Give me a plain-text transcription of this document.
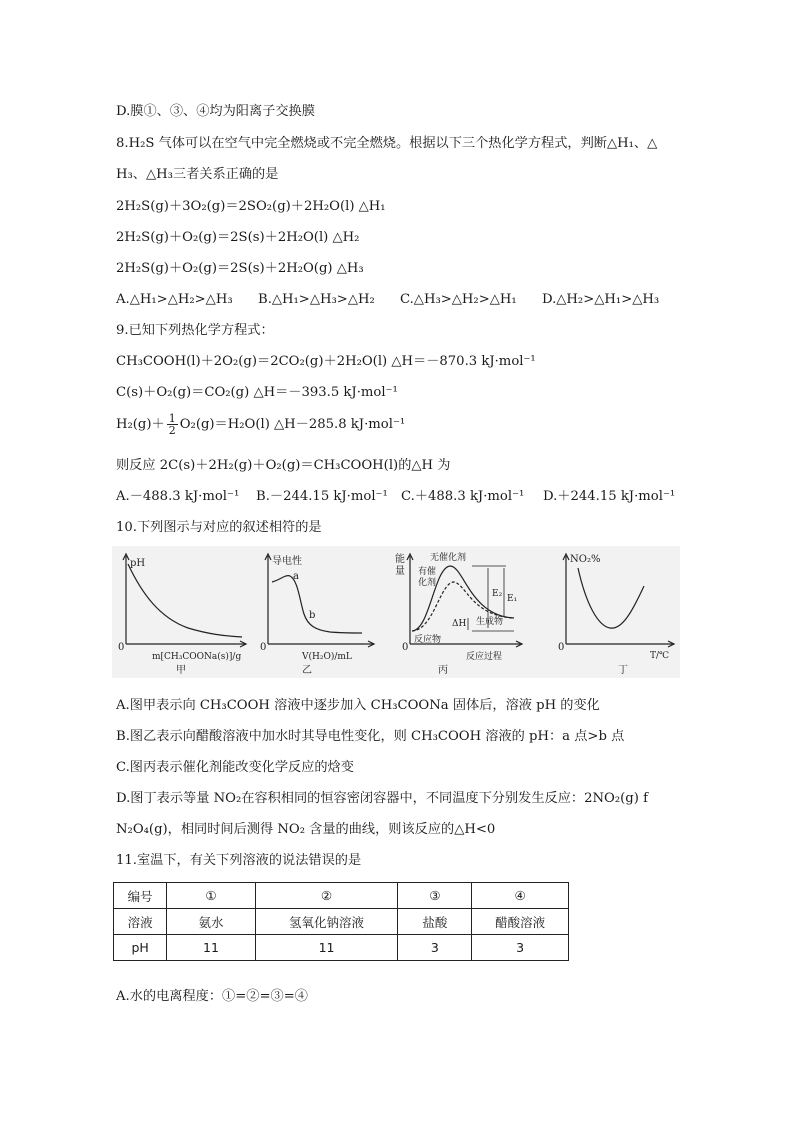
D.膜①、③、④均为阳离子交换膜
8.H₂S 气体可以在空气中完全燃烧或不完全燃烧。根据以下三个热化学方程式，判断△H₁、△
H₃、△H₃三者关系正确的是
2H₂S(g)＋3O₂(g)＝2SO₂(g)＋2H₂O(l) △H₁
2H₂S(g)＋O₂(g)＝2S(s)＋2H₂O(l) △H₂
2H₂S(g)＋O₂(g)＝2S(s)＋2H₂O(g) △H₃
A.△H₁>△H₂>△H₃ B.△H₁>△H₃>△H₂ C.△H₃>△H₂>△H₁ D.△H₂>△H₁>△H₃
9.已知下列热化学方程式：
CH₃COOH(l)＋2O₂(g)＝2CO₂(g)＋2H₂O(l) △H＝－870.3 kJ·mol⁻¹
C(s)＋O₂(g)＝CO₂(g) △H＝－393.5 kJ·mol⁻¹
$H_2(g)+ \frac{1}{2} O_2(g)=H_2O(l)$ △H－285.8 kJ·mol⁻¹
则反应 2C(s)＋2H₂(g)＋O₂(g)＝CH₃COOH(l)的△H 为
A.－488.3 kJ·mol⁻¹ B.－244.15 kJ·mol⁻¹ C.＋488.3 kJ·mol⁻¹ D.＋244.15 kJ·mol⁻¹
10.下列图示与对应的叙述相符的是
pH
0
m[CH₃COONa(s)]/g
甲
导电性
0
a
b
V(H₂O)/mL
乙
能
量
无催化剂
有催
化剂
E₂ E₁
ΔH 生成物
反应物
反应过程
0
丙
NO₂%
0
T/℃
丁
A.图甲表示向 CH₃COOH 溶液中逐步加入 CH₃COONa 固体后，溶液 pH 的变化
B.图乙表示向醋酸溶液中加水时其导电性变化，则 CH₃COOH 溶液的 pH：a 点>b 点
C.图丙表示催化剂能改变化学反应的焓变
D.图丁表示等量 NO₂在容积相同的恒容密闭容器中，不同温度下分别发生反应：2NO₂(g) f
N₂O₄(g)，相同时间后测得 NO₂ 含量的曲线，则该反应的△H<0
11.室温下，有关下列溶液的说法错误的是
编号	①	②	③	④
溶液	氨水	氢氧化钠溶液	盐酸	醋酸溶液
pH	11	11	3	3
A.水的电离程度：①=②=③=④
